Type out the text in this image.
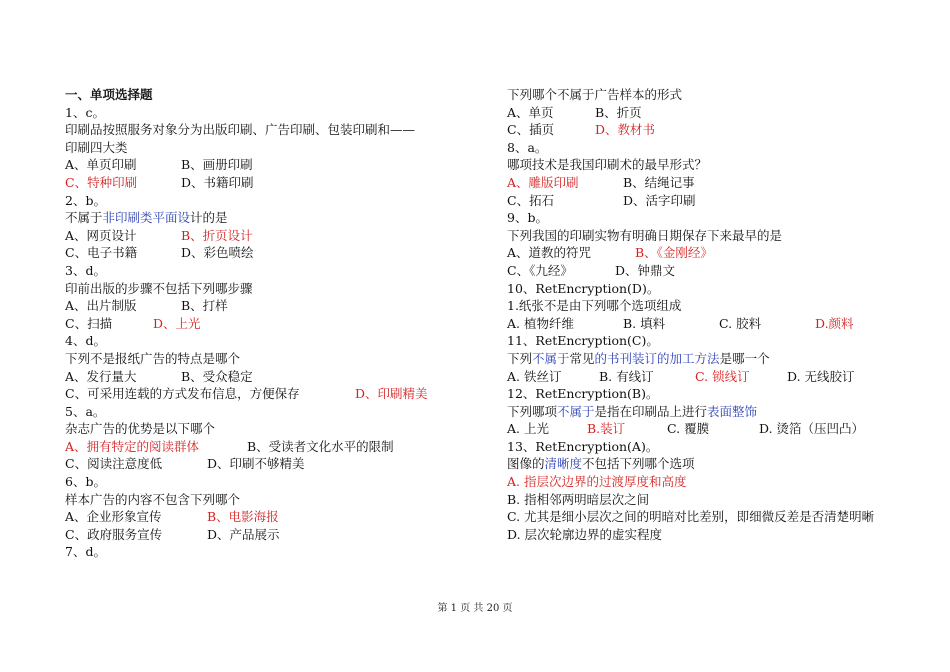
一、单项选择题
1、c。
印刷品按照服务对象分为出版印刷、广告印刷、包装印刷和——
印刷四大类
A、单页印刷	B、画册印刷
C、特种印刷	D、书籍印刷
2、b。
不属于非印刷类平面设计的是
A、网页设计	B、折页设计
C、电子书籍	D、彩色喷绘
3、d。
印前出版的步骤不包括下列哪步骤
A、出片制版	B、打样
C、扫描	D、上光
4、d。
下列不是报纸广告的特点是哪个
A、发行量大	B、受众稳定
C、可采用连载的方式发布信息，方便保存	D、印刷精美
5、a。
杂志广告的优势是以下哪个
A、拥有特定的阅读群体	B、受读者文化水平的限制
C、阅读注意度低	D、印刷不够精美
6、b。
样本广告的内容不包含下列哪个
A、企业形象宣传	B、电影海报
C、政府服务宣传	D、产品展示
7、d。
下列哪个不属于广告样本的形式
A、单页	B、折页
C、插页	D、教材书
8、a。
哪项技术是我国印刷术的最早形式？
A、雕版印刷	B、结绳记事
C、拓石	D、活字印刷
9、b。
下列我国的印刷实物有明确日期保存下来最早的是
A、道教的符咒	B、《金刚经》
C、《九经》	D、钟鼎文
10、RetEncryption(D)。
1.纸张不是由下列哪个选项组成
A. 植物纤维	B. 填料	C. 胶料	D.颜料
11、RetEncryption(C)。
下列不属于常见的书刊装订的加工方法是哪一个
A. 铁丝订	B. 有线订	C. 锁线订	D. 无线胶订
12、RetEncryption(B)。
下列哪项不属于是指在印刷品上进行表面整饰
A. 上光	B.装订	C. 覆膜	D. 烫箔（压凹凸）
13、RetEncryption(A)。
图像的清晰度不包括下列哪个选项
A. 指层次边界的过渡厚度和高度
B. 指相邻两明暗层次之间
C. 尤其是细小层次之间的明暗对比差别，即细微反差是否清楚明晰
D. 层次轮廓边界的虚实程度
第 1 页 共 20 页
